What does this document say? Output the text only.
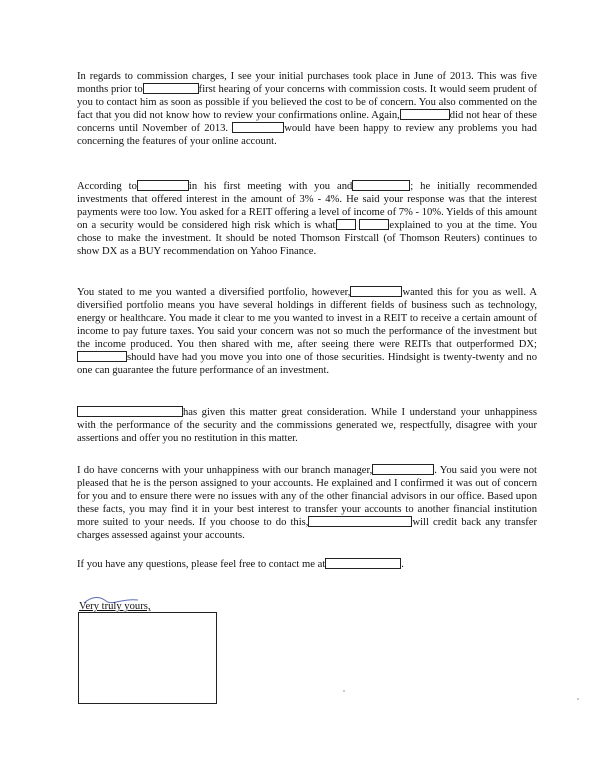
In regards to commission charges, I see your initial purchases took place in June of 2013. This was five months prior to	first hearing of your concerns with commission costs. It would seem prudent of you to contact him as soon as possible if you believed the cost to be of concern. You also commented on the fact that you did not know how to review your confirmations online. Again,	did not hear of these concerns until November of 2013.	would have been happy to review any problems you had concerning the features of your online account.
According to	in his first meeting with you and	; he initially recommended investments that offered interest in the amount of 3% - 4%. He said your response was that the interest payments were too low. You asked for a REIT offering a level of income of 7% - 10%. Yields of this amount on a security would be considered high risk which is what	explained to you at the time. You chose to make the investment. It should be noted Thomson Firstcall (of Thomson Reuters) continues to show DX as a BUY recommendation on Yahoo Finance.
You stated to me you wanted a diversified portfolio, however,	wanted this for you as well. A diversified portfolio means you have several holdings in different fields of business such as technology, energy or healthcare. You made it clear to me you wanted to invest in a REIT to receive a certain amount of income to pay future taxes. You said your concern was not so much the performance of the investment but the income produced. You then shared with me, after seeing there were REITs that outperformed DX;should have had you move you into one of those securities. Hindsight is twenty-twenty and no one can guarantee the future performance of an investment.
has given this matter great consideration. While I understand your unhappiness with the performance of the security and the commissions generated we, respectfully, disagree with your assertions and offer you no restitution in this matter.
I do have concerns with your unhappiness with our branch manager,	. You said you were not pleased that he is the person assigned to your accounts. He explained and I confirmed it was out of concern for you and to ensure there were no issues with any of the other financial advisors in our office. Based upon these facts, you may find it in your best interest to transfer your accounts to another financial institution more suited to your needs. If you choose to do this,	will credit back any transfer charges assessed against your accounts.
If you have any questions, please feel free to contact me at	.
Very truly yours,
